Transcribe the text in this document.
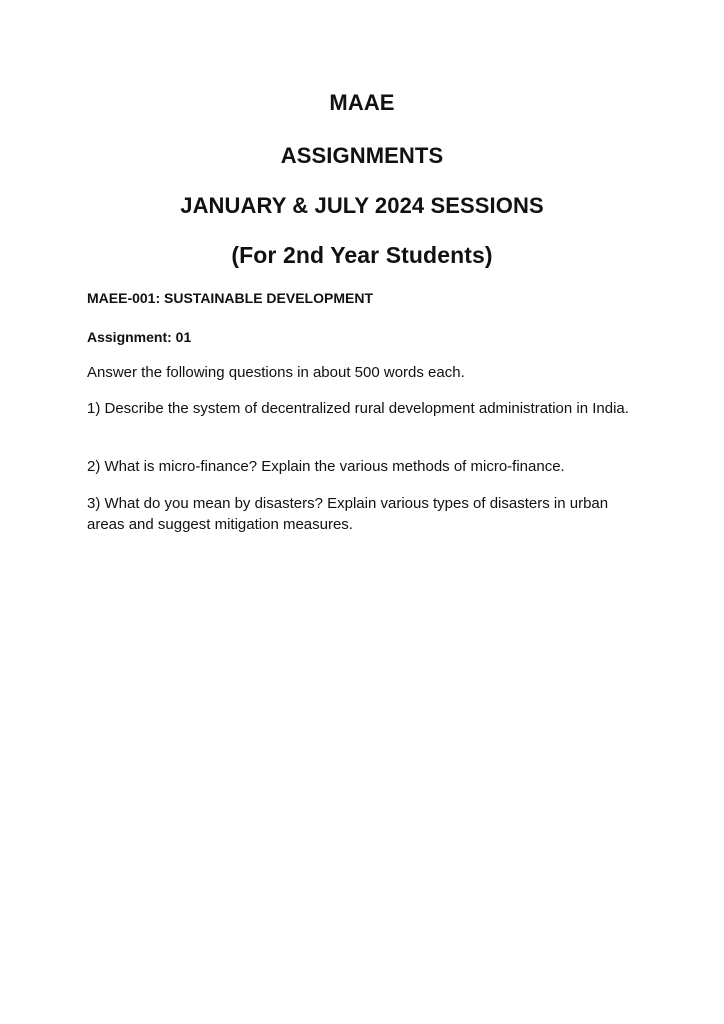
MAAE
ASSIGNMENTS
JANUARY & JULY 2024 SESSIONS
(For 2nd Year Students)
MAEE-001: SUSTAINABLE DEVELOPMENT
Assignment: 01
Answer the following questions in about 500 words each.
1) Describe the system of decentralized rural development administration in India.
2) What is micro-finance? Explain the various methods of micro-finance.
3) What do you mean by disasters? Explain various types of disasters in urban areas and suggest mitigation measures.
